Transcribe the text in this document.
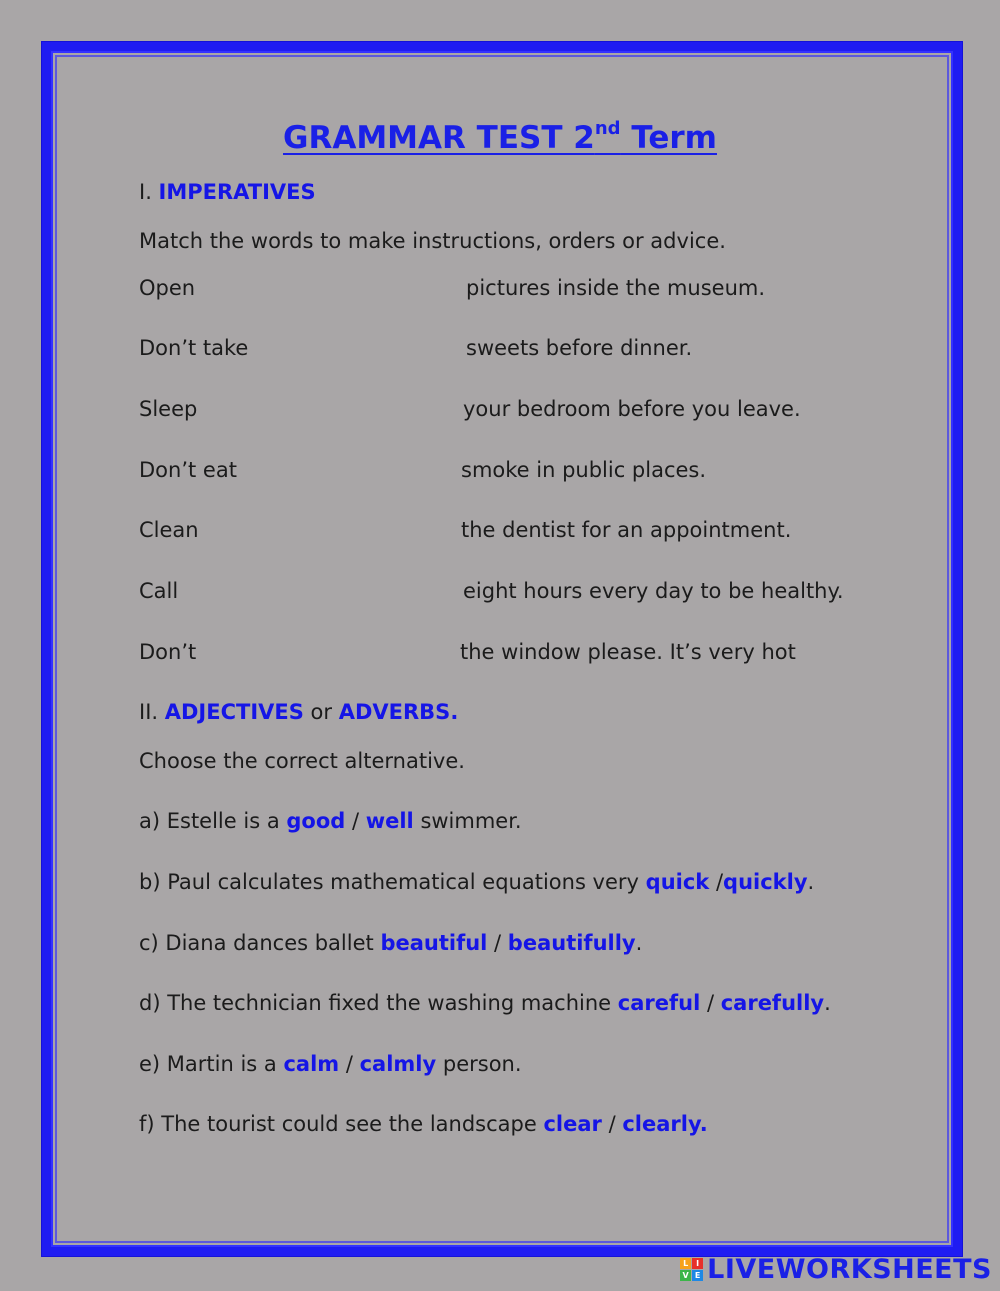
GRAMMAR TEST 2nd Term
I. IMPERATIVES
Match the words to make instructions, orders or advice.
Open
Don’t take
Sleep
Don’t eat
Clean
Call
Don’t
pictures inside the museum.
sweets before dinner.
your bedroom before you leave.
smoke in public places.
the dentist for an appointment.
eight hours every day to be healthy.
the window please. It’s very hot
II. ADJECTIVES or ADVERBS.
Choose the correct alternative.
a) Estelle is a good / well swimmer.
b) Paul calculates mathematical equations very quick /quickly.
c) Diana dances ballet beautiful / beautifully.
d) The technician fixed the washing machine careful / carefully.
e) Martin is a calm / calmly person.
f) The tourist could see the landscape clear / clearly.
L I
V E LIVEWORKSHEETS
